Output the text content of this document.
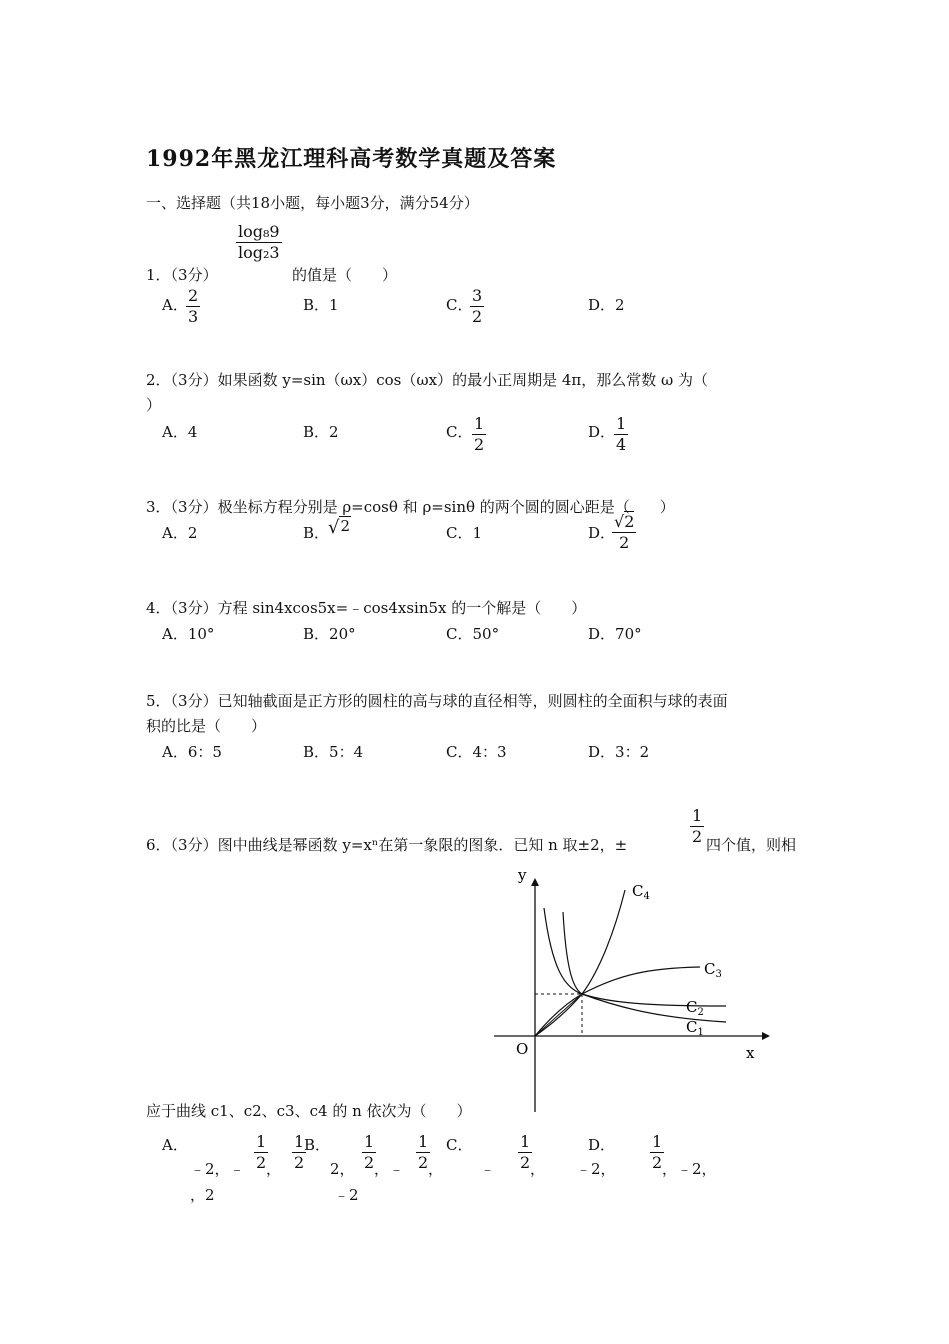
1992年黑龙江理科高考数学真题及答案
一、选择题（共18小题，每小题3分，满分54分）
1．（3分）
$\frac{\text{log₈9}}{\text{log₂3}}$
的值是（　　）
A．
$\frac{2}{3}$	B．1	C．
$\frac{3}{2}$	D．2
2．（3分）如果函数 y=sin（ωx）cos（ωx）的最小正周期是 4π，那么常数 ω 为（
）
A．4	B．2	C． $\frac{1}{2}$	D．
$\frac{1}{4}$
3．（3分）极坐标方程分别是 ρ=cosθ 和 ρ=sinθ 的两个圆的圆心距是（　　）
A．2	B．
√2	C．1	D．
$\frac{√2}{2}$
4．（3分）方程 sin4xcos5x=﹣cos4xsin5x 的一个解是（　　）
A．10°	B．20°	C．50°	D．70°
5．（3分）已知轴截面是正方形的圆柱的高与球的直径相等，则圆柱的全面积与球的表面
积的比是（　　）
A．6：5	B．5：4	C．4：3	D．3：2
6．（3分）图中曲线是幂函数 y=xⁿ在第一象限的图象．已知 n 取±2，±	$\frac{1}{2}$ 四个值，则相
y
x
O
$C_4$
$C_3$
$C_2$
$C_1$
应于曲线 c1、c2、c3、c4 的 n 依次为（　　）
A．
﹣2，﹣ $\frac{1}{2}$
， $\frac{1}{2}$
，2
B．
2， $\frac{1}{2}$
，﹣ $\frac{1}{2}$
，
﹣2
C．
﹣ $\frac{1}{2}$
， ﹣2，
D． $\frac{1}{2}$
，﹣2，
